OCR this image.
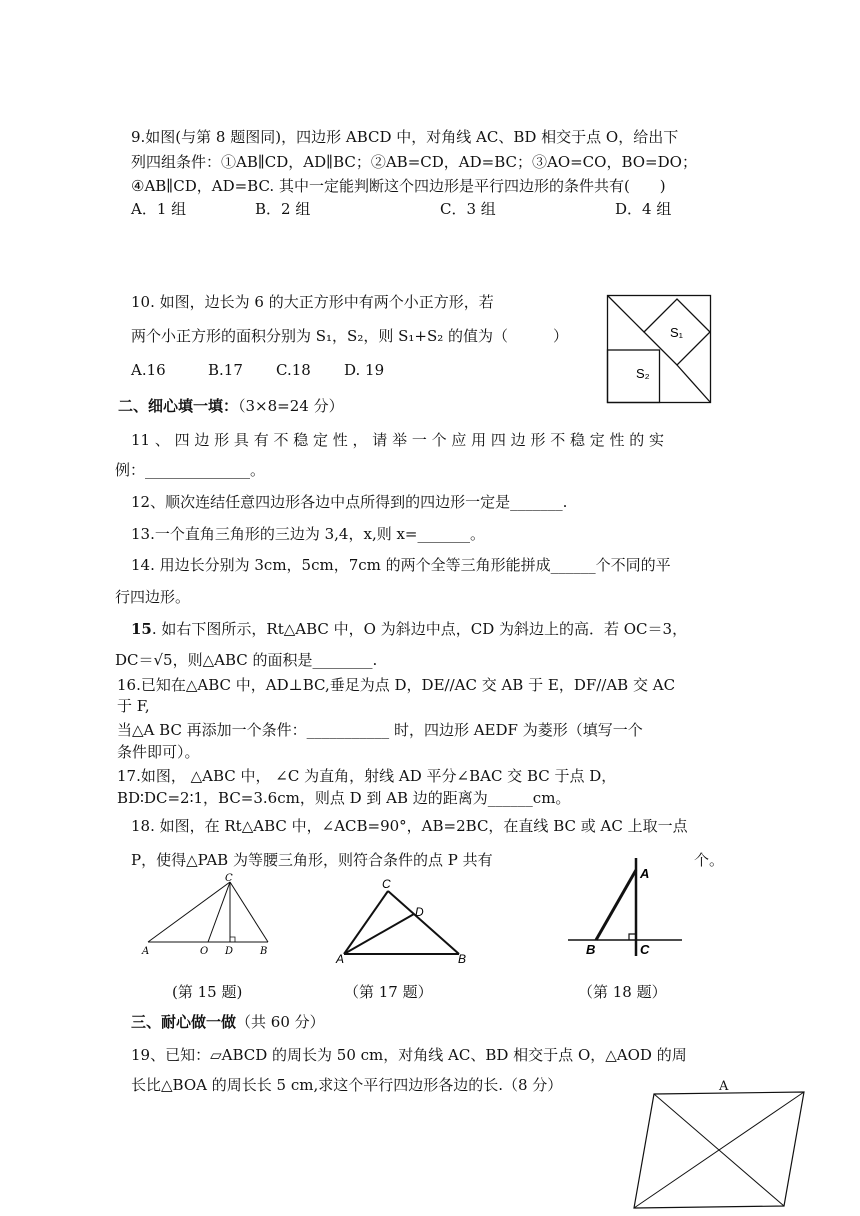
9.如图(与第 8 题图同)，四边形 ABCD 中，对角线 AC、BD 相交于点 O，给出下
列四组条件：①AB∥CD，AD∥BC；②AB=CD，AD=BC；③AO=CO，BO=DO；
④AB∥CD，AD=BC. 其中一定能判断这个四边形是平行四边形的条件共有(　　)
A．1 组	B．2 组	C．3 组	D．4 组
10. 如图，边长为 6 的大正方形中有两个小正方形，若
两个小正方形的面积分别为 S₁，S₂，则 S₁+S₂ 的值为（　　　）
A.16	B.17 C.18 D. 19
S₁
S₂
二、细心填一填：（3×8=24 分）
11 、 四 边 形 具 有 不 稳 定 性 ， 请 举 一 个 应 用 四 边 形 不 稳 定 性 的 实
例：______________。
12、顺次连结任意四边形各边中点所得到的四边形一定是_______.
13.一个直角三角形的三边为 3,4，x,则 x=_______。
14. 用边长分别为 3cm，5cm，7cm 的两个全等三角形能拼成______个不同的平
行四边形。
15. 如右下图所示，Rt△ABC 中，O 为斜边中点，CD 为斜边上的高．若 OC＝3，
DC＝√5，则△ABC 的面积是________.
16.已知在△ABC 中，AD⊥BC,垂足为点 D，DE//AC 交 AB 于 E，DF//AB 交 AC
于 F,
当△A BC 再添加一个条件：___________ 时，四边形 AEDF 为菱形（填写一个
条件即可）。
17.如图， △ABC 中， ∠C 为直角，射线 AD 平分∠BAC 交 BC 于点 D，
BD∶DC=2∶1，BC=3.6cm，则点 D 到 AB 边的距离为______cm。
18. 如图，在 Rt△ABC 中，∠ACB=90°，AB=2BC，在直线 BC 或 AC 上取一点
P，使得△PAB 为等腰三角形，则符合条件的点 P 共有	个。
C
A	O D	B
C
D
A	B
A
B	C
(第 15 题)	（第 17 题）	（第 18 题）
三、耐心做一做（共 60 分）
19、已知：▱ABCD 的周长为 50 cm，对角线 AC、BD 相交于点 O，△AOD 的周
长比△BOA 的周长长 5 cm,求这个平行四边形各边的长.（8 分）	A
